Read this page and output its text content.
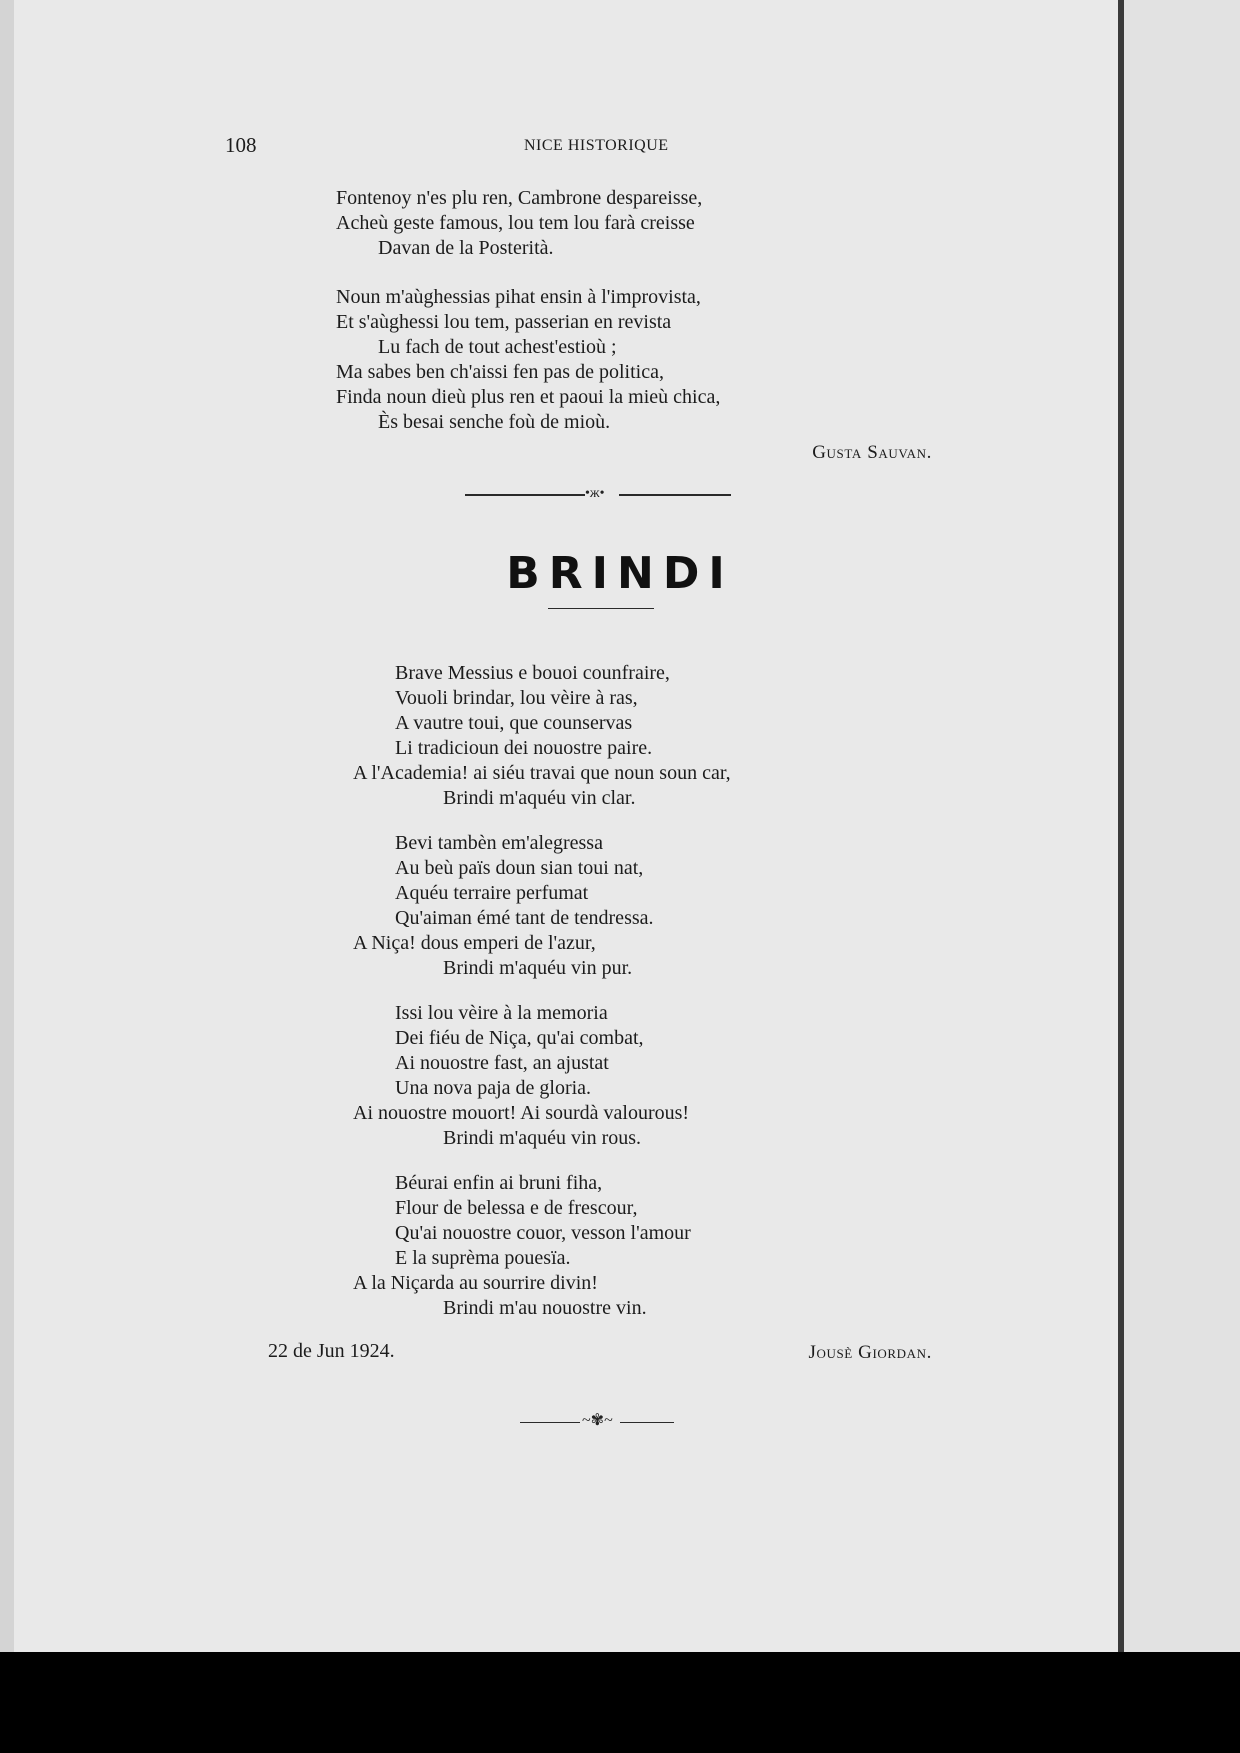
108	NICE HISTORIQUE
Fontenoy n'es plu ren, Cambrone despareisse,
Acheù geste famous, lou tem lou farà creisse
Davan de la Posterità.
Noun m'aùghessias pihat ensin à l'improvista,
Et s'aùghessi lou tem, passerian en revista
Lu fach de tout achest'estioù ;
Ma sabes ben ch'aissi fen pas de politica,
Finda noun dieù plus ren et paoui la mieù chica,
Ès besai senche foù de mioù.
Gusta Sauvan.
•ж•
BRINDI
Brave Messius e bouoi counfraire,
Vouoli brindar, lou vèire à ras,
A vautre toui, que counservas
Li tradicioun dei nouostre paire.
A l'Academia! ai siéu travai que noun soun car,
Brindi m'aquéu vin clar.
Bevi tambèn em'alegressa
Au beù païs doun sian toui nat,
Aquéu terraire perfumat
Qu'aiman émé tant de tendressa.
A Niça! dous emperi de l'azur,
Brindi m'aquéu vin pur.
Issi lou vèire à la memoria
Dei fiéu de Niça, qu'ai combat,
Ai nouostre fast, an ajustat
Una nova paja de gloria.
Ai nouostre mouort! Ai sourdà valourous!
Brindi m'aquéu vin rous.
Béurai enfin ai bruni fiha,
Flour de belessa e de frescour,
Qu'ai nouostre couor, vesson l'amour
E la suprèma pouesïa.
A la Niçarda au sourrire divin!
Brindi m'au nouostre vin.
22 de Jun 1924.	Jousè Giordan.
~✾~
